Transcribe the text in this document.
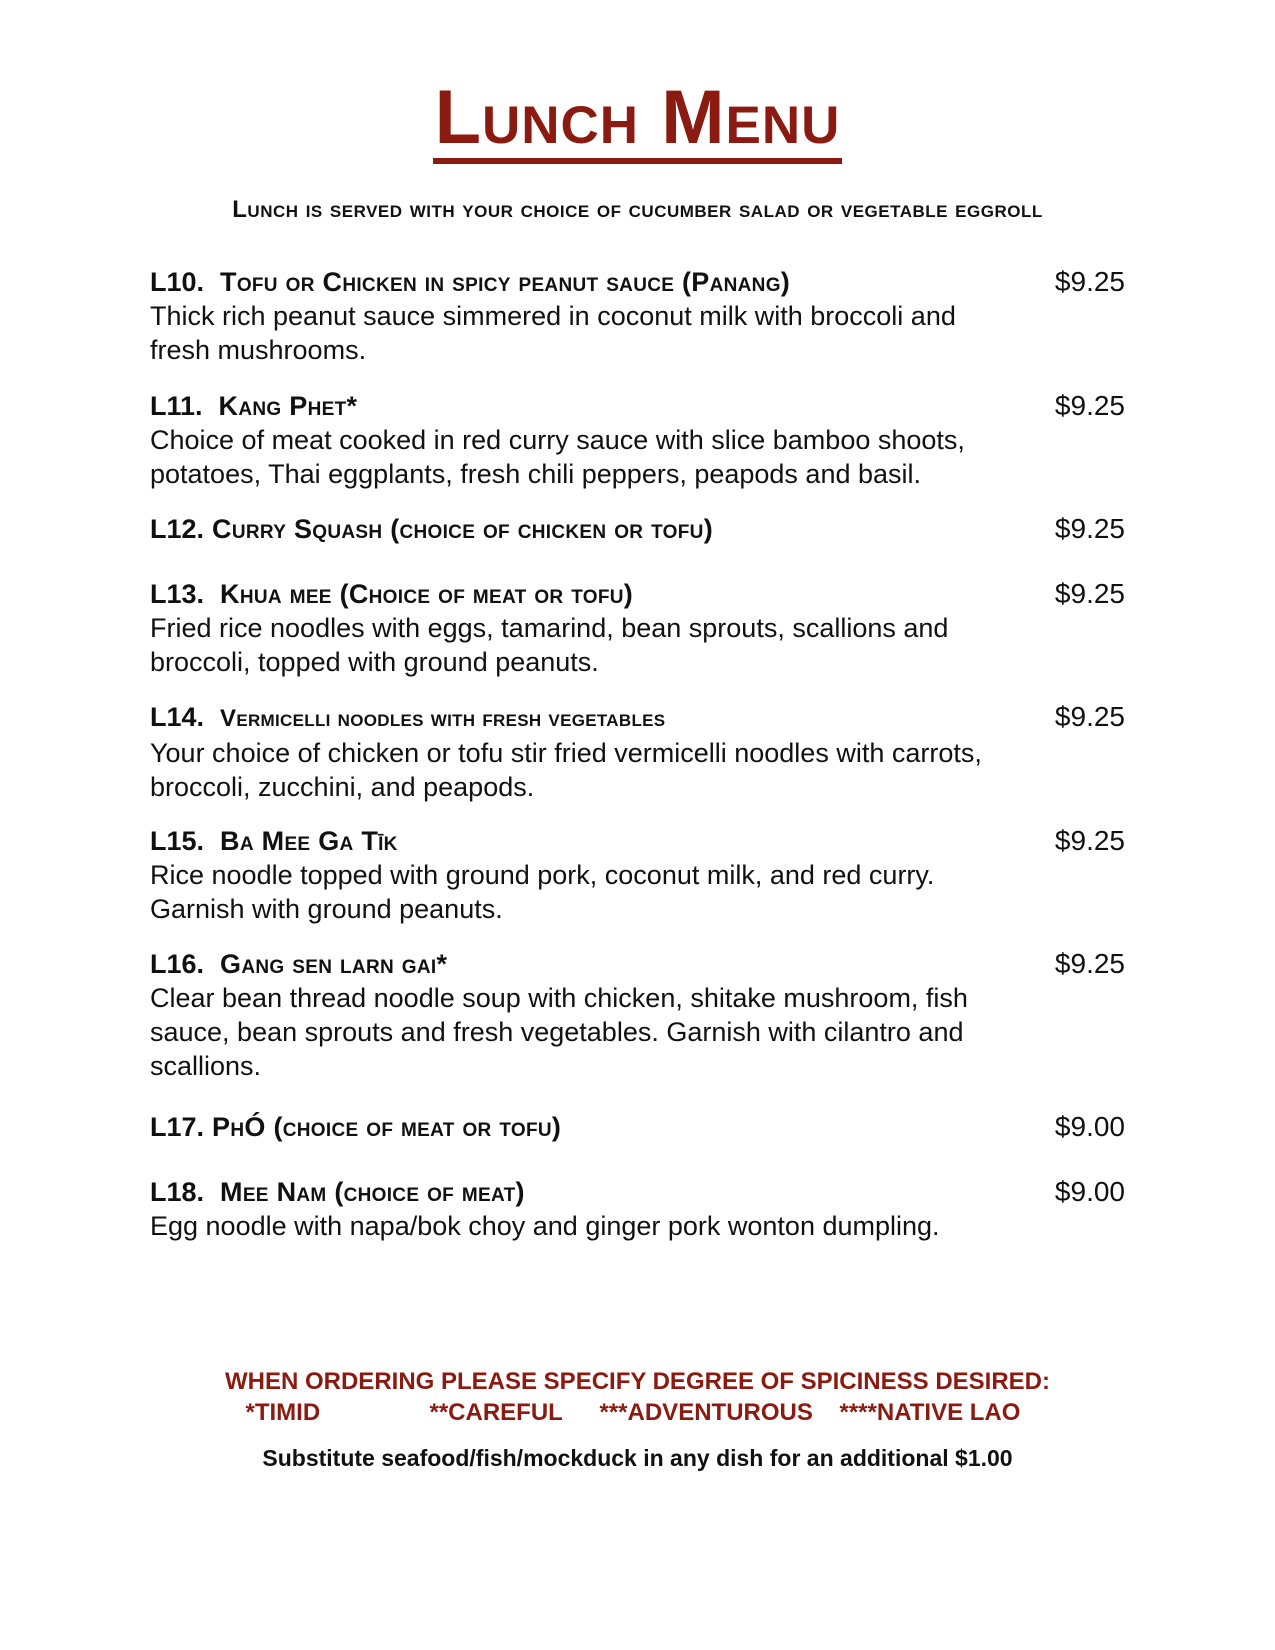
Lunch Menu
Lunch is served with your choice of cucumber salad or vegetable eggroll
L10. Tofu or Chicken in spicy peanut sauce (Panang)	$9.25
Thick rich peanut sauce simmered in coconut milk with broccoli and
fresh mushrooms.
L11. Kang Phet*	$9.25
Choice of meat cooked in red curry sauce with slice bamboo shoots,
potatoes, Thai eggplants, fresh chili peppers, peapods and basil.
L12. Curry Squash (choice of chicken or tofu)	$9.25
L13. Khua mee (Choice of meat or tofu)	$9.25
Fried rice noodles with eggs, tamarind, bean sprouts, scallions and
broccoli, topped with ground peanuts.
L14. Vermicelli noodles with fresh vegetables	$9.25
Your choice of chicken or tofu stir fried vermicelli noodles with carrots,
broccoli, zucchini, and peapods.
L15. Ba Mee Ga Tīk	$9.25
Rice noodle topped with ground pork, coconut milk, and red curry.
Garnish with ground peanuts.
L16. Gang sen larn gai*	$9.25
Clear bean thread noodle soup with chicken, shitake mushroom, fish
sauce, bean sprouts and fresh vegetables. Garnish with cilantro and
scallions.
L17. PhÓ (choice of meat or tofu)	$9.00
L18. Mee Nam (choice of meat)	$9.00
Egg noodle with napa/bok choy and ginger pork wonton dumpling.
WHEN ORDERING PLEASE SPECIFY DEGREE OF SPICINESS DESIRED:
*TIMID	**CAREFUL	***ADVENTUROUS	****NATIVE LAO
Substitute seafood/fish/mockduck in any dish for an additional $1.00
